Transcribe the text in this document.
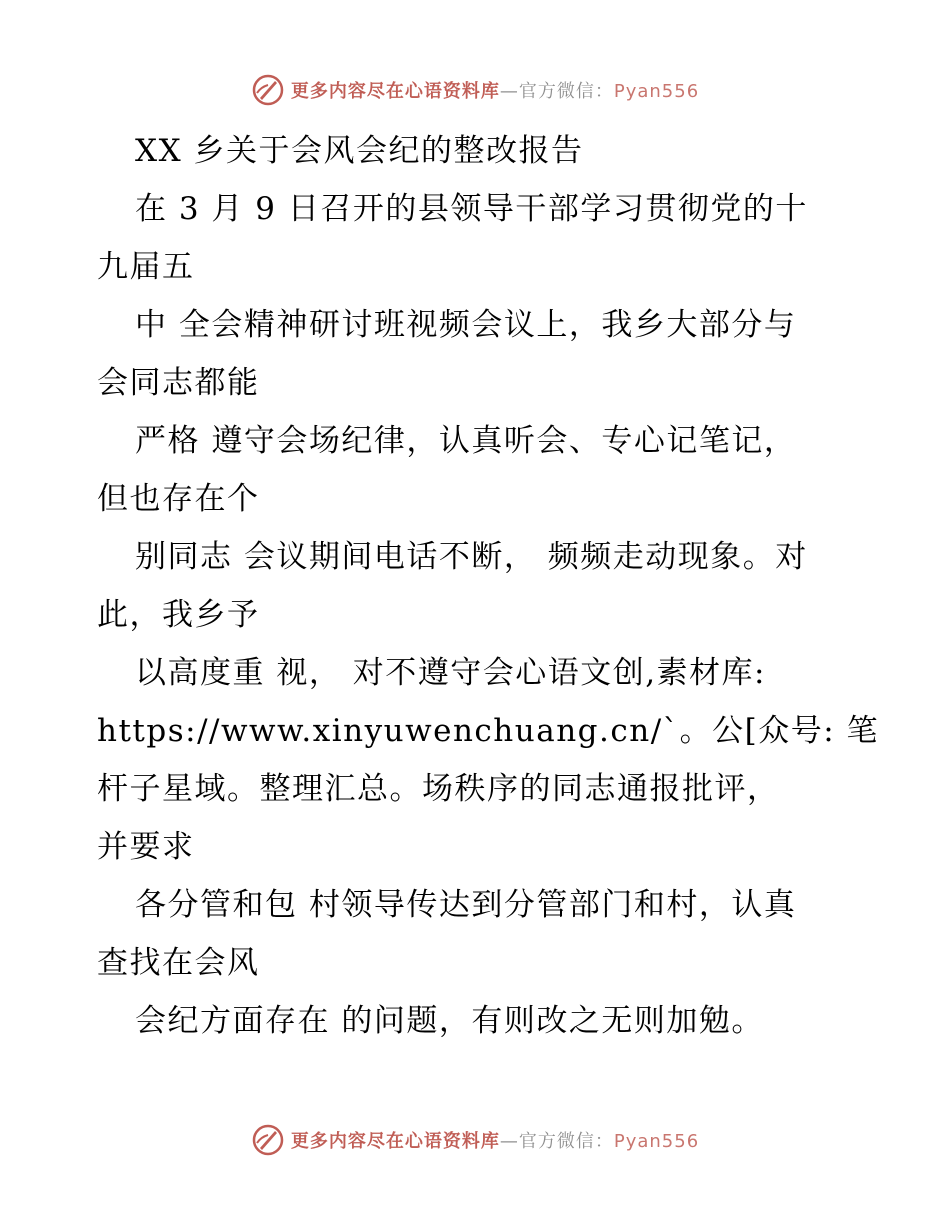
更多内容尽在心语资料库—官方微信：Pyan556
XX 乡关于会风会纪的整改报告
在 3 月 9 日召开的县领导干部学习贯彻党的十
九届五
中 全会精神研讨班视频会议上，我乡大部分与
会同志都能
严格 遵守会场纪律，认真听会、专心记笔记，
但也存在个
别同志 会议期间电话不断， 频频走动现象。对
此，我乡予
以高度重 视， 对不遵守会心语文创,素材库:
https://www.xinyuwenchuang.cn/`。公[众号: 笔
杆子星域。整理汇总。场秩序的同志通报批评，
并要求
各分管和包 村领导传达到分管部门和村，认真
查找在会风
会纪方面存在 的问题，有则改之无则加勉。
更多内容尽在心语资料库—官方微信：Pyan556
